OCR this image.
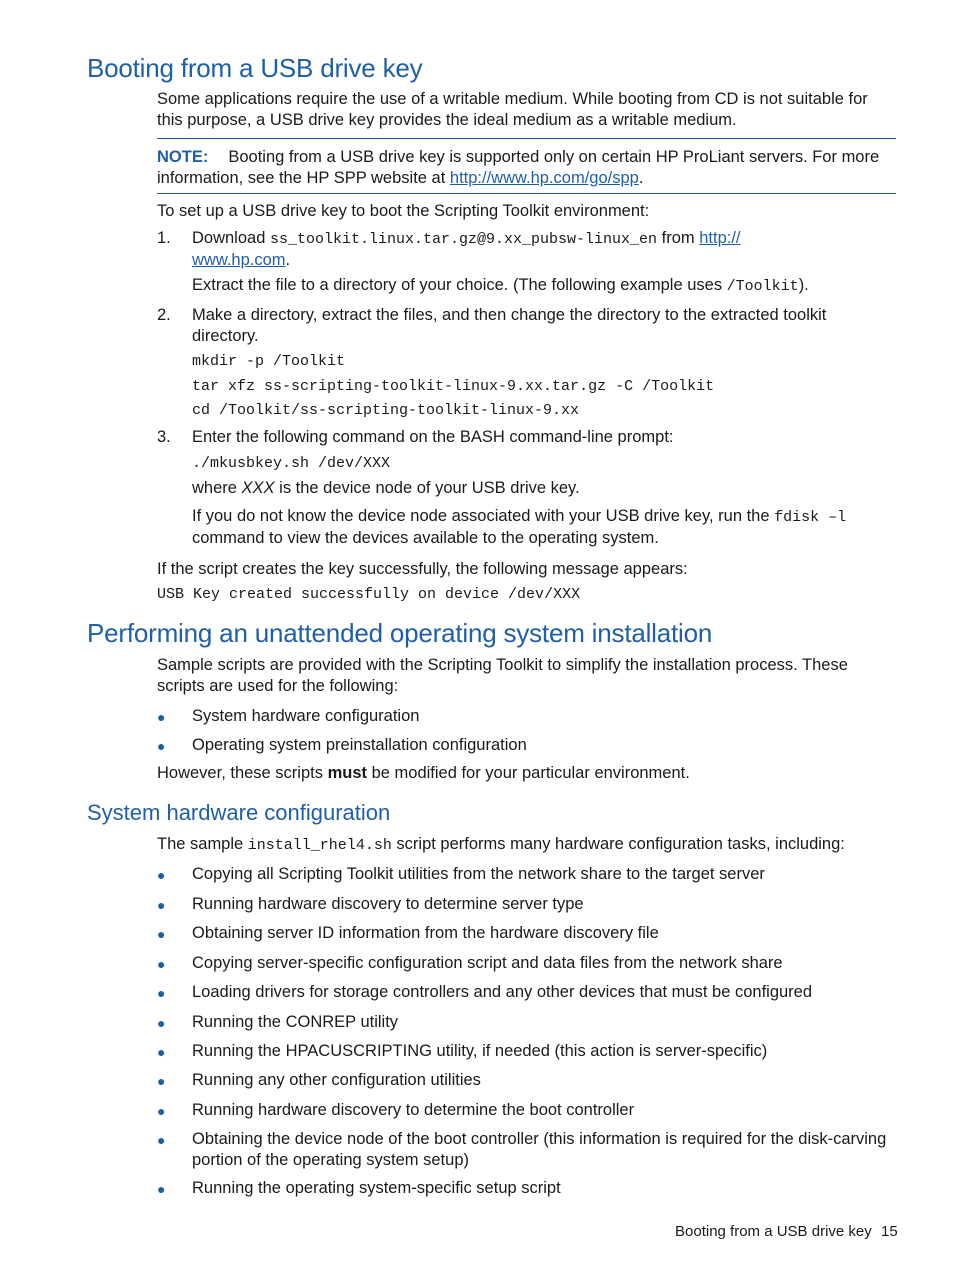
Booting from a USB drive key

Some applications require the use of a writable medium. While booting from CD is not suitable for this purpose, a USB drive key provides the ideal medium as a writable medium.

NOTE: Booting from a USB drive key is supported only on certain HP ProLiant servers. For more information, see the HP SPP website at http://www.hp.com/go/spp.

To set up a USB drive key to boot the Scripting Toolkit environment:

1. Download ss_toolkit.linux.tar.gz@9.xx_pubsw-linux_en from http://
www.hp.com.

Extract the file to a directory of your choice. (The following example uses /Toolkit).

2. Make a directory, extract the files, and then change the directory to the extracted toolkit directory.

mkdir -p /Toolkit
tar xfz ss-scripting-toolkit-linux-9.xx.tar.gz -C /Toolkit
cd /Toolkit/ss-scripting-toolkit-linux-9.xx
3. Enter the following command on the BASH command-line prompt:

./mkusbkey.sh /dev/XXX

where XXX is the device node of your USB drive key.

If you do not know the device node associated with your USB drive key, run the fdisk –l command to view the devices available to the operating system.

If the script creates the key successfully, the following message appears:

USB Key created successfully on device /dev/XXX
Performing an unattended operating system installation

Sample scripts are provided with the Scripting Toolkit to simplify the installation process. These scripts are used for the following:

● System hardware configuration

● Operating system preinstallation configuration

However, these scripts must be modified for your particular environment.

System hardware configuration

The sample install_rhel4.sh script performs many hardware configuration tasks, including:

● Copying all Scripting Toolkit utilities from the network share to the target server

● Running hardware discovery to determine server type

● Obtaining server ID information from the hardware discovery file

● Copying server-specific configuration script and data files from the network share

● Loading drivers for storage controllers and any other devices that must be configured

● Running the CONREP utility

● Running the HPACUSCRIPTING utility, if needed (this action is server-specific)

● Running any other configuration utilities

● Running hardware discovery to determine the boot controller

● Obtaining the device node of the boot controller (this information is required for the disk-carving portion of the operating system setup)

● Running the operating system-specific setup script

Booting from a USB drive key 15
